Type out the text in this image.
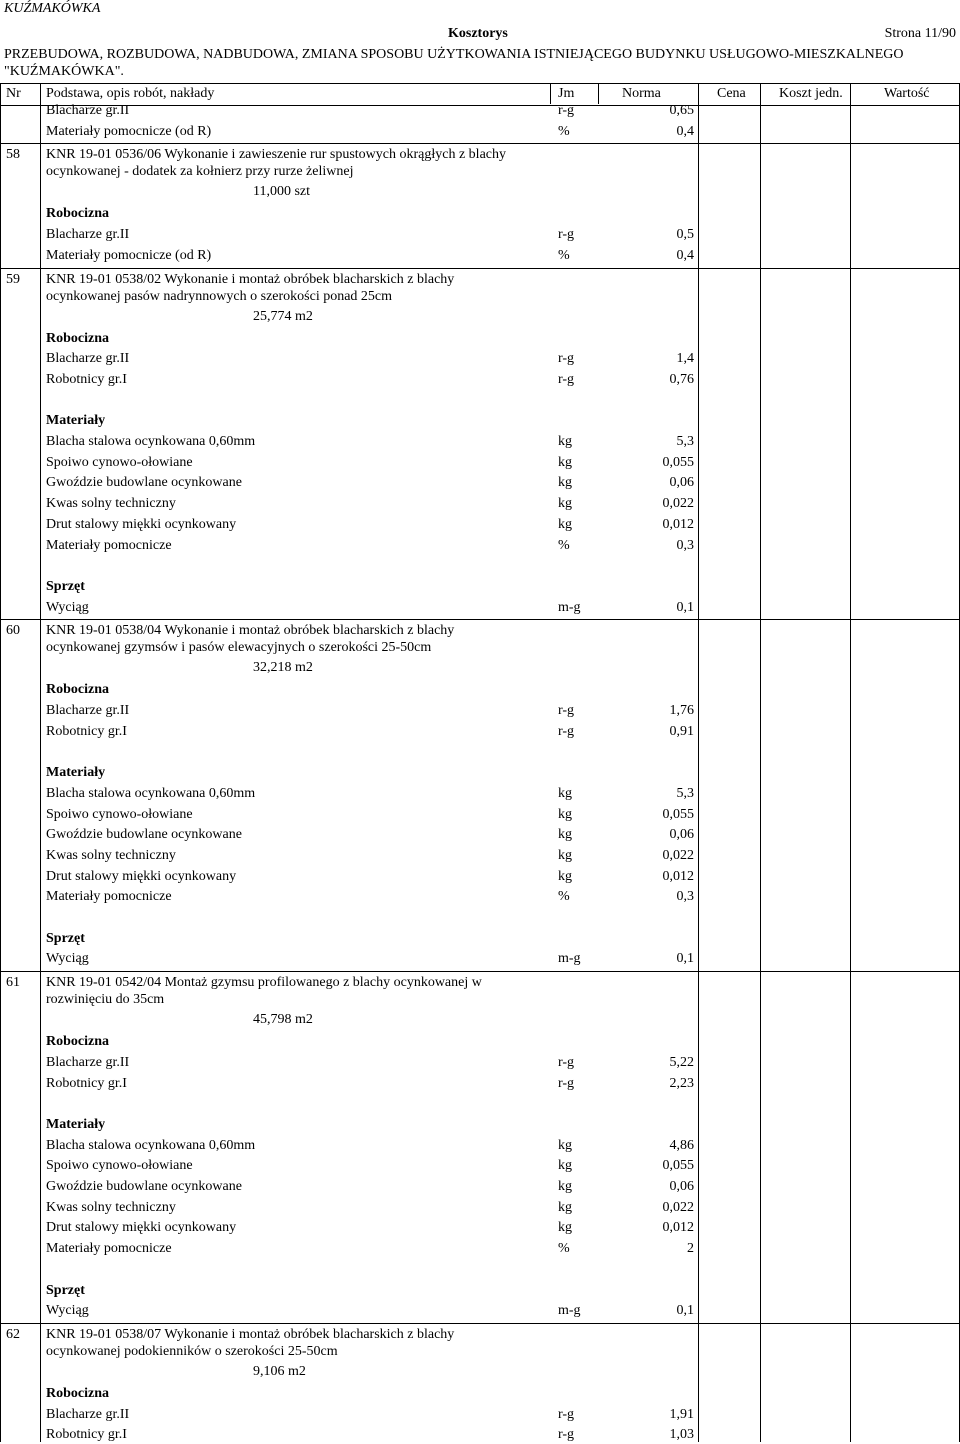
KUŹMAKÓWKA
Kosztorys	Strona 11/90
PRZEBUDOWA, ROZBUDOWA, NADBUDOWA, ZMIANA SPOSOBU UŻYTKOWANIA ISTNIEJĄCEGO BUDYNKU USŁUGOWO-MIESZKALNEGO
"KUŹMAKÓWKA".
Nr Podstawa, opis robót, nakłady	Jm	Norma	Cena Koszt jedn.	Wartość
Blacharze gr.II	r-g	0,65
Materiały pomocnicze (od R)	%	0,4
58 KNR 19-01 0536/06 Wykonanie i zawieszenie rur spustowych okrągłych z blachy
ocynkowanej - dodatek za kołnierz przy rurze żeliwnej
11,000 szt
Robocizna
Blacharze gr.II	r-g	0,5
Materiały pomocnicze (od R)	%	0,4
59 KNR 19-01 0538/02 Wykonanie i montaż obróbek blacharskich z blachy
ocynkowanej pasów nadrynnowych o szerokości ponad 25cm
25,774 m2
Robocizna
Blacharze gr.II	r-g	1,4
Robotnicy gr.I	r-g	0,76
Materiały
Blacha stalowa ocynkowana 0,60mm	kg	5,3
Spoiwo cynowo-ołowiane	kg	0,055
Gwoździe budowlane ocynkowane	kg	0,06
Kwas solny techniczny	kg	0,022
Drut stalowy miękki ocynkowany	kg	0,012
Materiały pomocnicze	%	0,3
Sprzęt
Wyciąg	m-g	0,1
60 KNR 19-01 0538/04 Wykonanie i montaż obróbek blacharskich z blachy
ocynkowanej gzymsów i pasów elewacyjnych o szerokości 25-50cm
32,218 m2
Robocizna
Blacharze gr.II	r-g	1,76
Robotnicy gr.I	r-g	0,91
Materiały
Blacha stalowa ocynkowana 0,60mm	kg	5,3
Spoiwo cynowo-ołowiane	kg	0,055
Gwoździe budowlane ocynkowane	kg	0,06
Kwas solny techniczny	kg	0,022
Drut stalowy miękki ocynkowany	kg	0,012
Materiały pomocnicze	%	0,3
Sprzęt
Wyciąg	m-g	0,1
61 KNR 19-01 0542/04 Montaż gzymsu profilowanego z blachy ocynkowanej w
rozwinięciu do 35cm
45,798 m2
Robocizna
Blacharze gr.II	r-g	5,22
Robotnicy gr.I	r-g	2,23
Materiały
Blacha stalowa ocynkowana 0,60mm	kg	4,86
Spoiwo cynowo-ołowiane	kg	0,055
Gwoździe budowlane ocynkowane	kg	0,06
Kwas solny techniczny	kg	0,022
Drut stalowy miękki ocynkowany	kg	0,012
Materiały pomocnicze	%	2
Sprzęt
Wyciąg	m-g	0,1
62 KNR 19-01 0538/07 Wykonanie i montaż obróbek blacharskich z blachy
ocynkowanej podokienników o szerokości 25-50cm
9,106 m2
Robocizna
Blacharze gr.II	r-g	1,91
Robotnicy gr.I	r-g	1,03
